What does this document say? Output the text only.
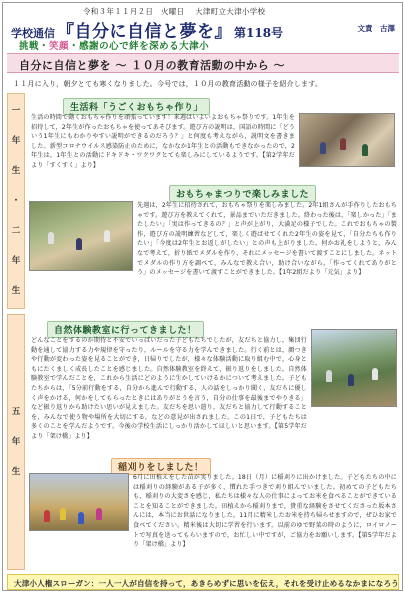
令和３年１１月２日　火曜日 大津町立大津小学校
学校通信 『自分に自信と夢を』 第118号	文責　古澤
挑戦・笑顔・感謝の心で絆を深める大津小
自分に自信と夢を ～ １０月の教育活動の中から ～
１１月に入り，朝夕とても寒くなりました。今号では，１０月の教育活動の様子を紹介します。
一
年
生
・
二
年
生
五
年
生
生活科「うごくおもちゃ作り」
生活の時間で動くおもちゃ作りを頑張っています！来週はいよいよおもちゃ祭りです。1年生を招待して，2年生が作ったおもちゃを使ってあそびます。遊び方の説明は，国語の時間に「どういう1年生にもわかりやすい説明ができるのだろう？」と何度も考えながら，説明文を書きました。新型コロナウイルス感染防止のために，なかなか1年生との活動もできなかったので，2年生は，1年生との活動にドキドキ・ワクワクとても楽しみにしているようです。【第2学年だより「すくすく」より】
おもちゃまつりで楽しみました
先週は，2年生に招待されて，おもちゃ祭りを楽しみました。2年1組さんが手作りしたおもちゃです。遊び方を教えてくれて，景品までいただきました。終わった後は，「楽しかった」「またしたい」「実は作ってきるの？」と声が上がり，大満足の様子でした。これでおもちゃの製作，遊び方の説明練習などして，楽しく遊ばせてくれた2年生の姿を見て，「自分たちも作りたい」「今度は2年生とお返しがしたい」との声も上がりました。何かお礼をしようと，みんなで考えて，折り紙でメダルを作り，それにメッセージを書いて渡すことにしました。ネットでメダルの作り方を調べて，みんなで教え合い，助け合いながら，「作ってくれてありがとう」のメッセージを書いて渡すことができました。【1年2組だより「元気」より】
自然体験教室に行ってきました！
どんなことをするのか期待と不安でいっぱいだった子どもたちでしたが，友だちと協力し，集団行動を通して協力する力や規律を守ったり，ルールを守る力を学んできました。行く前とは，顔つきや行動が変わった姿を見ることができ，日帰りでしたが，様々な体験活動に取り組む中で，心身ともにたくましく成長したことを感じました。自然体験教室を終えて，振り返りをしました。自然体験教室で学んだことを，これから生活にどのように生かしていけるかについて考えました。子どもたちからは，「5分前行動をする，自分から進んで行動する，人の話をしっかり聞く，友だちに優しく声をかける，何かをしてもらったときにはありがとうを言う，自分の仕事を最後までやりきる」など振り返りから助けたい思いが見えました。友だちを思い遣り，友だちと協力して行動することを，みんなで使う物や場所を大切にする，などの意見が出されました。この1日で，子どもたちは多くのことを学んだようです。今後の学校生活にしっかり活かしてほしいと思います。【第5学年だより「架け橋」より】
稲刈りをしました！
6月に田植えをした苗が実りました。18日（月）に稲刈りに出かけました。子どもたちの中には稲刈りの経験がある子が多く，慣れた手つきで刈り組んでいました。初めての子どもたちも，稲刈りの大変さを感じ，私たちは様々な人の仕事によってお米を食べることができていることを知ることができました。田植えから稲刈りまで，貴重な経験をさせてくださった坂本さんには，本当にお世話になりました。11月に精米したお米を持ち帰らせますので，ぜひお家で食べてください。精米後は大切に学習を行います。以前のゆで野菜の時のように，ロイロノートで写真を送ってもらいますので，お忙しい中ですが，ご協力をお願いします。【第5学年だより「架け橋」より】
大津小人権スローガン：一人一人が自信を持って，あきらめずに思いを伝え，それを受け止めるなかまになろう
